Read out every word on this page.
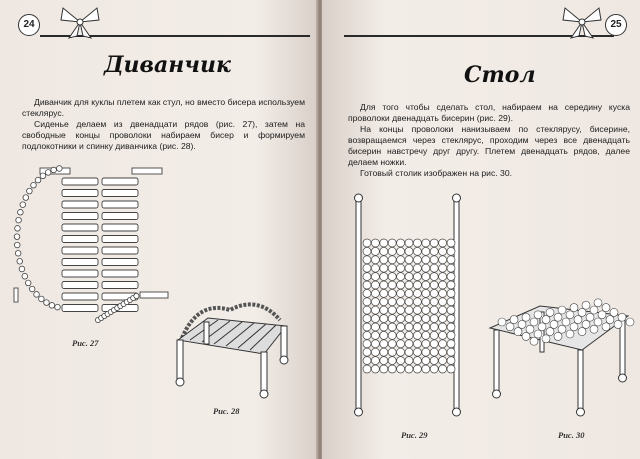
24
Диванчик

Диванчик для куклы плетем как стул, но вместо бисера используем стеклярус.

Сиденье делаем из двенадцати рядов (рис. 27), затем на свободные концы проволоки набираем бисер и формируем подлокотники и спинку диванчика (рис. 28).

Рис. 27
Рис. 28
25
Стол

Для того чтобы сделать стол, набираем на середину куска проволоки двенадцать бисерин (рис. 29).

На концы проволоки нанизываем по стеклярусу, бисерине, возвращаемся через стеклярус, проходим через все двенадцать бисерин навстречу друг другу. Плетем двенадцать рядов, далее делаем ножки.

Готовый столик изображен на рис. 30.

Рис. 29	Рис. 30
